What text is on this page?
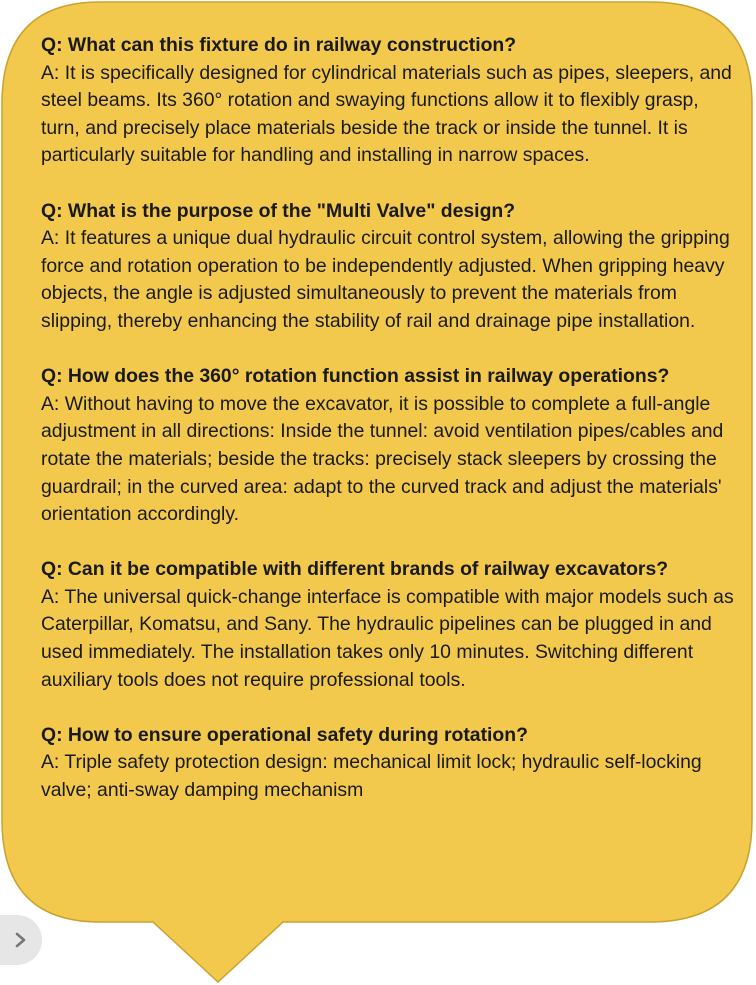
Q: What can this fixture do in railway construction?
A: It is specifically designed for cylindrical materials such as pipes, sleepers, and steel beams. Its 360° rotation and swaying functions allow it to flexibly grasp, turn, and precisely place materials beside the track or inside the tunnel. It is particularly suitable for handling and installing in narrow spaces.
Q: What is the purpose of the "Multi Valve" design?
A: It features a unique dual hydraulic circuit control system, allowing the gripping force and rotation operation to be independently adjusted. When gripping heavy objects, the angle is adjusted simultaneously to prevent the materials from slipping, thereby enhancing the stability of rail and drainage pipe installation.
Q: How does the 360° rotation function assist in railway operations?
A: Without having to move the excavator, it is possible to complete a full-angle adjustment in all directions: Inside the tunnel: avoid ventilation pipes/cables and rotate the materials; beside the tracks: precisely stack sleepers by crossing the guardrail; in the curved area: adapt to the curved track and adjust the materials' orientation accordingly.
Q: Can it be compatible with different brands of railway excavators?
A: The universal quick-change interface is compatible with major models such as Caterpillar, Komatsu, and Sany. The hydraulic pipelines can be plugged in and used immediately. The installation takes only 10 minutes. Switching different auxiliary tools does not require professional tools.
Q: How to ensure operational safety during rotation?
A: Triple safety protection design: mechanical limit lock; hydraulic self-locking valve; anti-sway damping mechanism
